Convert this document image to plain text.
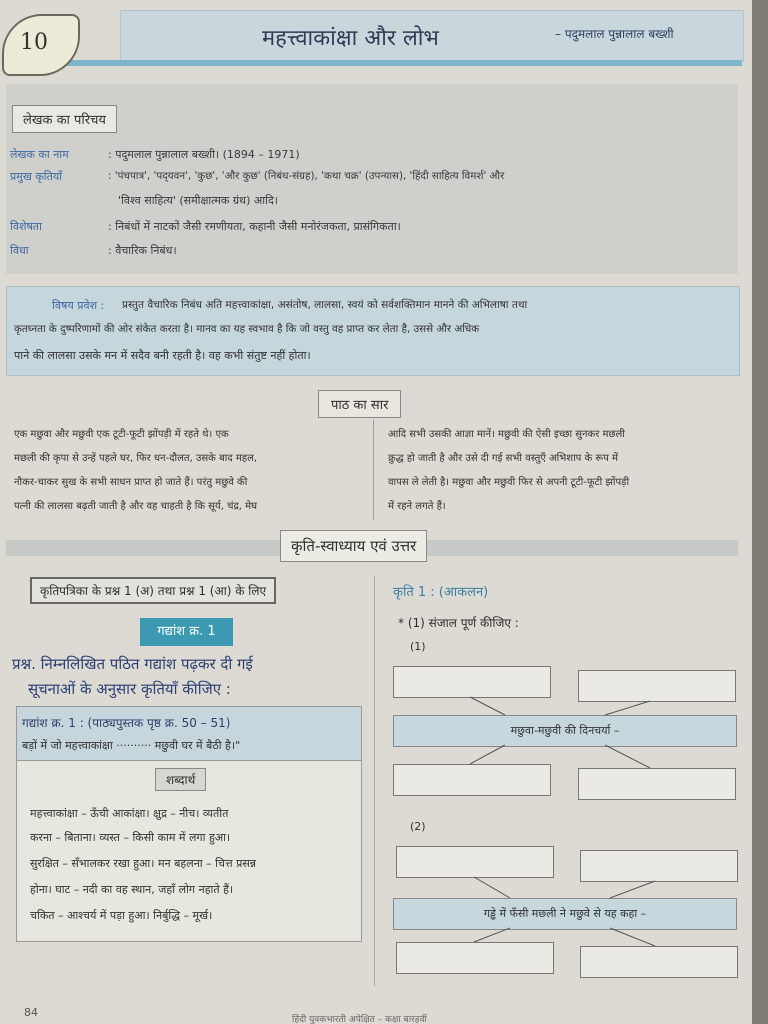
10	महत्त्वाकांक्षा और लोभ	– पदुमलाल पुन्नालाल बख्शी
लेखक का परिचय
लेखक का नाम	: पदुमलाल पुन्नालाल बख्शी। (1894 – 1971)
प्रमुख कृतियाँ	: 'पंचपात्र', 'पद्‌यवन', 'कुछ', 'और कुछ' (निबंध-संग्रह), 'कथा चक्र' (उपन्यास), 'हिंदी साहित्य विमर्श' और
'विश्व साहित्य' (समीक्षात्मक ग्रंथ) आदि।
विशेषता	: निबंधों में नाटकों जैसी रमणीयता, कहानी जैसी मनोरंजकता, प्रासंगिकता।
विधा	: वैचारिक निबंध।
विषय प्रवेश : प्रस्तुत वैचारिक निबंध अति महत्त्वाकांक्षा, असंतोष, लालसा, स्वयं को सर्वशक्तिमान मानने की अभिलाषा तथा
कृतघ्नता के दुष्परिणामों की ओर संकेत करता है। मानव का यह स्वभाव है कि जो वस्तु वह प्राप्त कर लेता है, उससे और अधिक
पाने की लालसा उसके मन में सदैव बनी रहती है। वह कभी संतुष्ट नहीं होता।
पाठ का सार
एक मछुवा और मछुवी एक टूटी-फूटी झोंपड़ी में रहते थे। एक
मछली की कृपा से उन्हें पहले घर, फिर धन-दौलत, उसके बाद महल,
नौकर-चाकर सुख के सभी साधन प्राप्त हो जाते हैं। परंतु मछुवे की
पत्नी की लालसा बढ़ती जाती है और वह चाहती है कि सूर्य, चंद्र, मेघ
आदि सभी उसकी आज्ञा मानें। मछुवी की ऐसी इच्छा सुनकर मछली
क्रुद्ध हो जाती है और उसे दी गई सभी वस्तुएँ अभिशाप के रूप में
वापस ले लेती है। मछुवा और मछुवी फिर से अपनी टूटी-फूटी झोंपड़ी
में रहने लगते हैं।
कृति-स्वाध्याय एवं उत्तर
कृतिपत्रिका के प्रश्न 1 (अ) तथा प्रश्न 1 (आ) के लिए
गद्यांश क्र. 1
प्रश्न. निम्नलिखित पठित गद्यांश पढ़कर दी गई
सूचनाओं के अनुसार कृतियाँ कीजिए :
गद्यांश क्र. 1 : (पाठ्यपुस्तक पृष्ठ क्र. 50 – 51)
बड़ों में जो महत्त्वाकांक्षा ·········· मछुवी घर में बैठी है।"
शब्दार्थ
महत्त्वाकांक्षा – ऊँची आकांक्षा। क्षुद्र – नीच। व्यतीत
करना – बिताना। व्यस्त – किसी काम में लगा हुआ।
सुरक्षित – सँभालकर रखा हुआ। मन बहलना – चित्त प्रसन्न
होना। घाट – नदी का वह स्थान, जहाँ लोग नहाते हैं।
चकित – आश्चर्य में पड़ा हुआ। निर्बुद्धि – मूर्ख।
कृति 1 : (आकलन)
* (1) संजाल पूर्ण कीजिए :
(1)
मछुवा-मछुवी की दिनचर्या –
(2)
गड्ढे में फँसी मछली ने मछुवे से यह कहा –
84
हिंदी युवकभारती अपेक्षित – कक्षा बारहवीं
